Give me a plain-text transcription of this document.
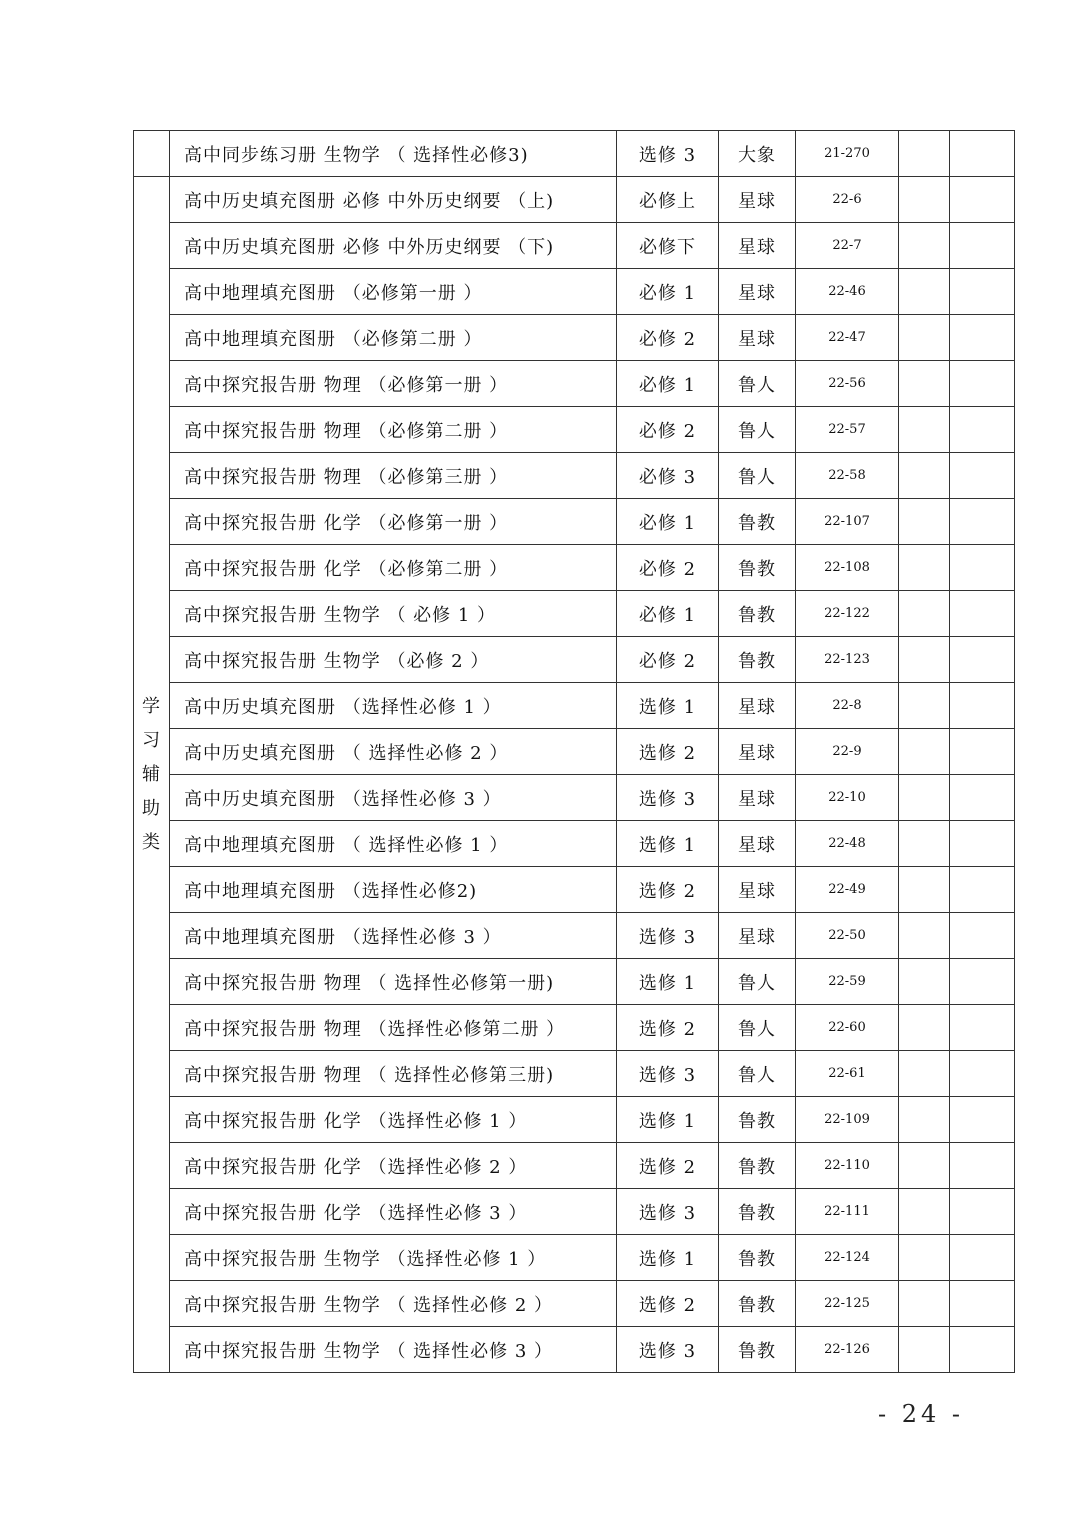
	高中同步练习册 生物学 （ 选择性必修3)	选修 3	大象	21-270		
学习辅助类	高中历史填充图册 必修 中外历史纲要 （上)	必修上	星球	22-6		
	高中历史填充图册 必修 中外历史纲要 （下)	必修下	星球	22-7		
	高中地理填充图册 （必修第一册 ）	必修 1	星球	22-46		
	高中地理填充图册 （必修第二册 ）	必修 2	星球	22-47		
	高中探究报告册 物理 （必修第一册 ）	必修 1	鲁人	22-56		
	高中探究报告册 物理 （必修第二册 ）	必修 2	鲁人	22-57		
	高中探究报告册 物理 （必修第三册 ）	必修 3	鲁人	22-58		
	高中探究报告册 化学 （必修第一册 ）	必修 1	鲁教	22-107		
	高中探究报告册 化学 （必修第二册 ）	必修 2	鲁教	22-108		
	高中探究报告册 生物学 （ 必修 1 ）	必修 1	鲁教	22-122		
	高中探究报告册 生物学 （必修 2 ）	必修 2	鲁教	22-123		
	高中历史填充图册 （选择性必修 1 ）	选修 1	星球	22-8		
	高中历史填充图册 （ 选择性必修 2 ）	选修 2	星球	22-9		
	高中历史填充图册 （选择性必修 3 ）	选修 3	星球	22-10		
	高中地理填充图册 （ 选择性必修 1 ）	选修 1	星球	22-48		
	高中地理填充图册 （选择性必修2)	选修 2	星球	22-49		
	高中地理填充图册 （选择性必修 3 ）	选修 3	星球	22-50		
	高中探究报告册 物理 （ 选择性必修第一册)	选修 1	鲁人	22-59		
	高中探究报告册 物理 （选择性必修第二册 ）	选修 2	鲁人	22-60		
	高中探究报告册 物理 （ 选择性必修第三册)	选修 3	鲁人	22-61		
	高中探究报告册 化学 （选择性必修 1 ）	选修 1	鲁教	22-109		
	高中探究报告册 化学 （选择性必修 2 ）	选修 2	鲁教	22-110		
	高中探究报告册 化学 （选择性必修 3 ）	选修 3	鲁教	22-111		
	高中探究报告册 生物学 （选择性必修 1 ）	选修 1	鲁教	22-124		
	高中探究报告册 生物学 （ 选择性必修 2 ）	选修 2	鲁教	22-125		
	高中探究报告册 生物学 （ 选择性必修 3 ）	选修 3	鲁教	22-126		
- 24 -
